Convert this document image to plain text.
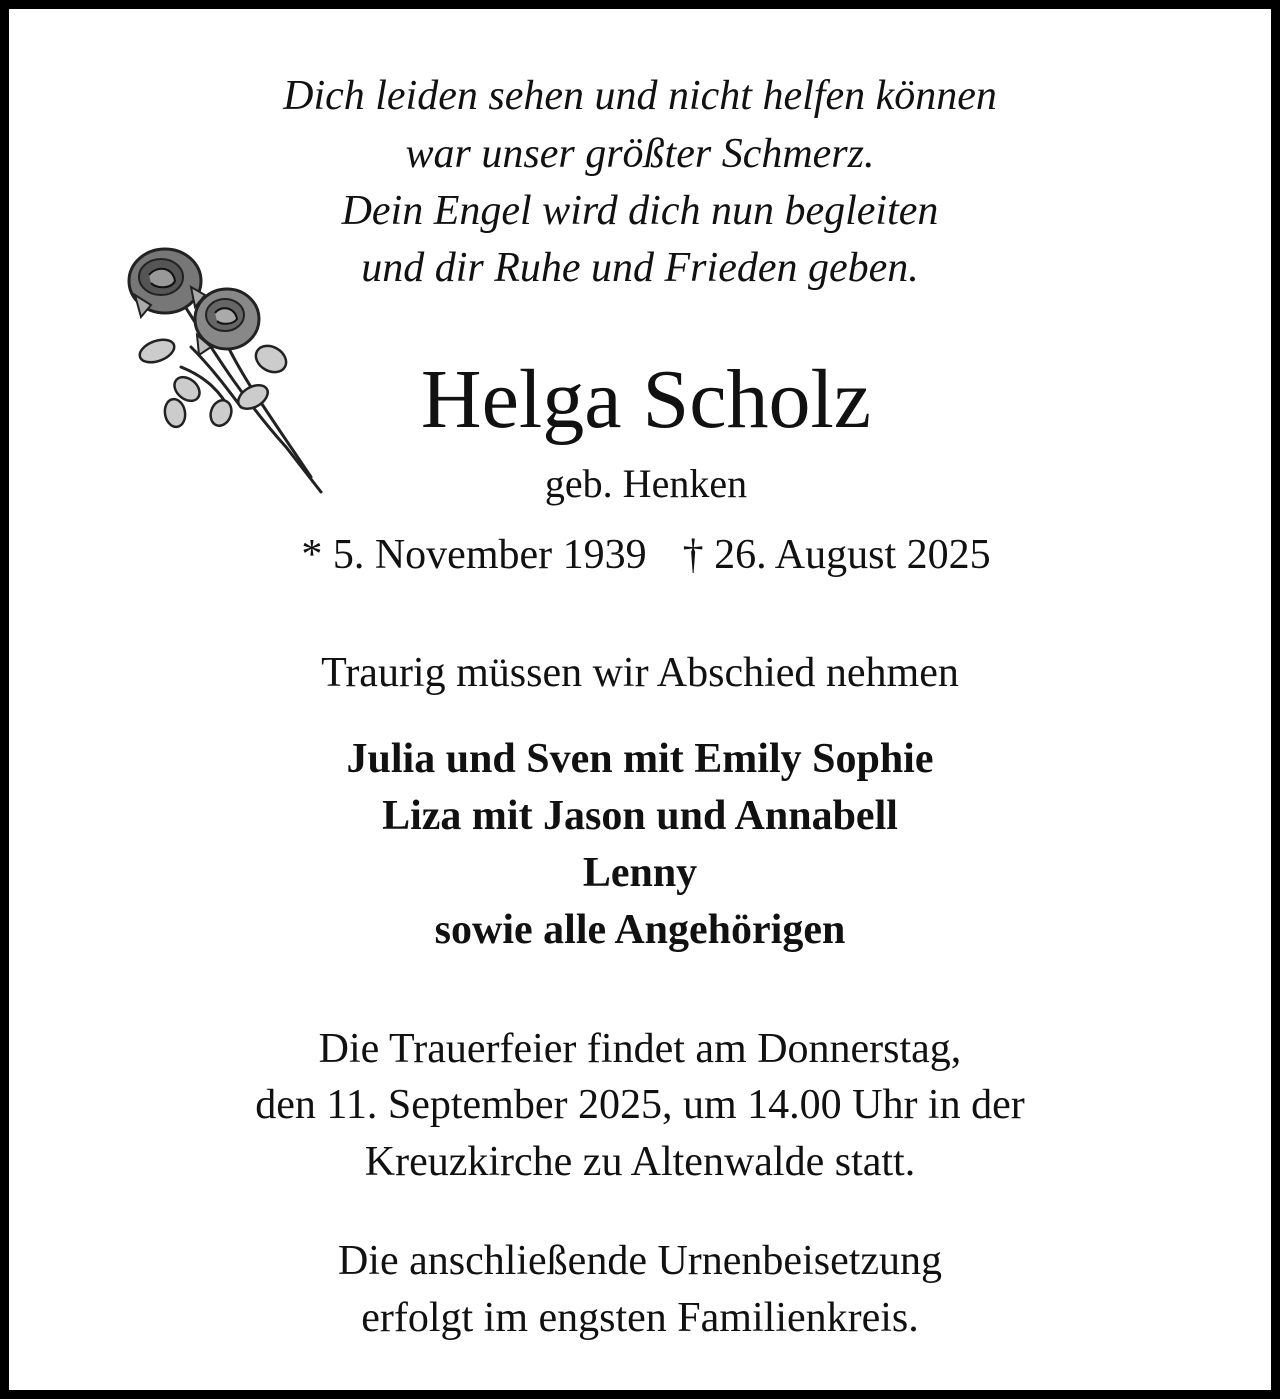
Dich leiden sehen und nicht helfen können
war unser größter Schmerz.
Dein Engel wird dich nun begleiten
und dir Ruhe und Frieden geben.
Helga Scholz
geb. Henken
* 5. November 1939 † 26. August 2025
Traurig müssen wir Abschied nehmen
Julia und Sven mit Emily Sophie
Liza mit Jason und Annabell
Lenny
sowie alle Angehörigen
Die Trauerfeier findet am Donnerstag,
den 11. September 2025, um 14.00 Uhr in der
Kreuzkirche zu Altenwalde statt.
Die anschließende Urnenbeisetzung
erfolgt im engsten Familienkreis.
